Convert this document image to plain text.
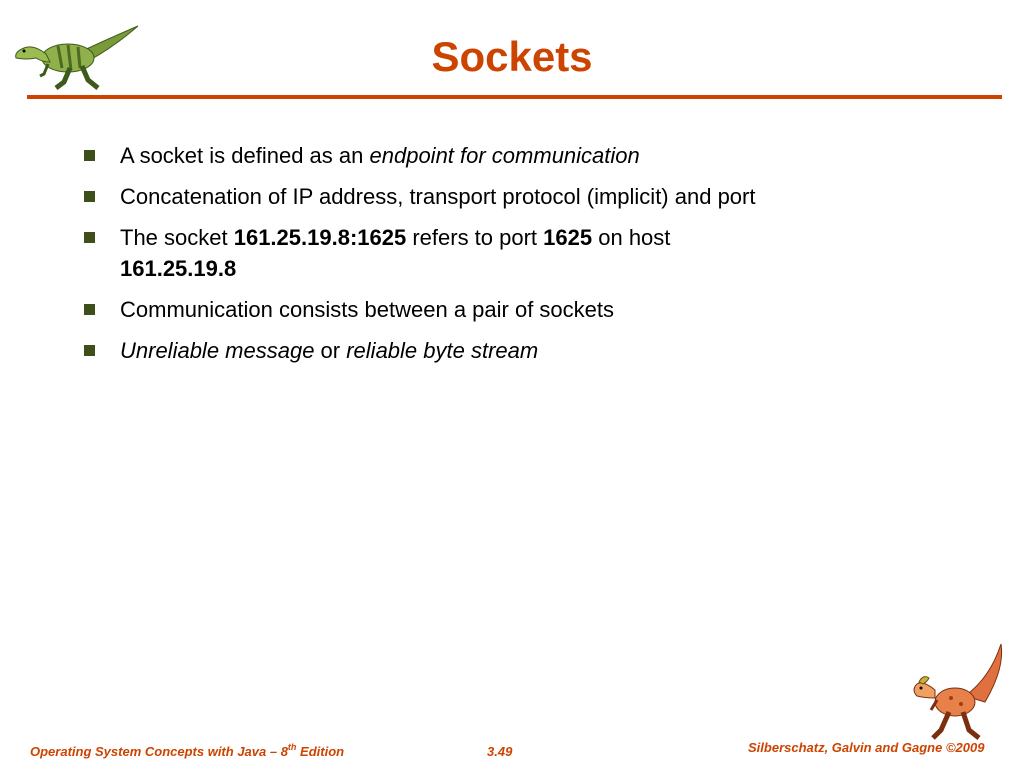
Sockets
A socket is defined as an endpoint for communication
Concatenation of IP address, transport protocol (implicit) and port
The socket 161.25.19.8:1625 refers to port 1625 on host 161.25.19.8
Communication consists between a pair of sockets
Unreliable message or reliable byte stream
Operating System Concepts with Java – 8th Edition	3.49	Silberschatz, Galvin and Gagne ©2009
